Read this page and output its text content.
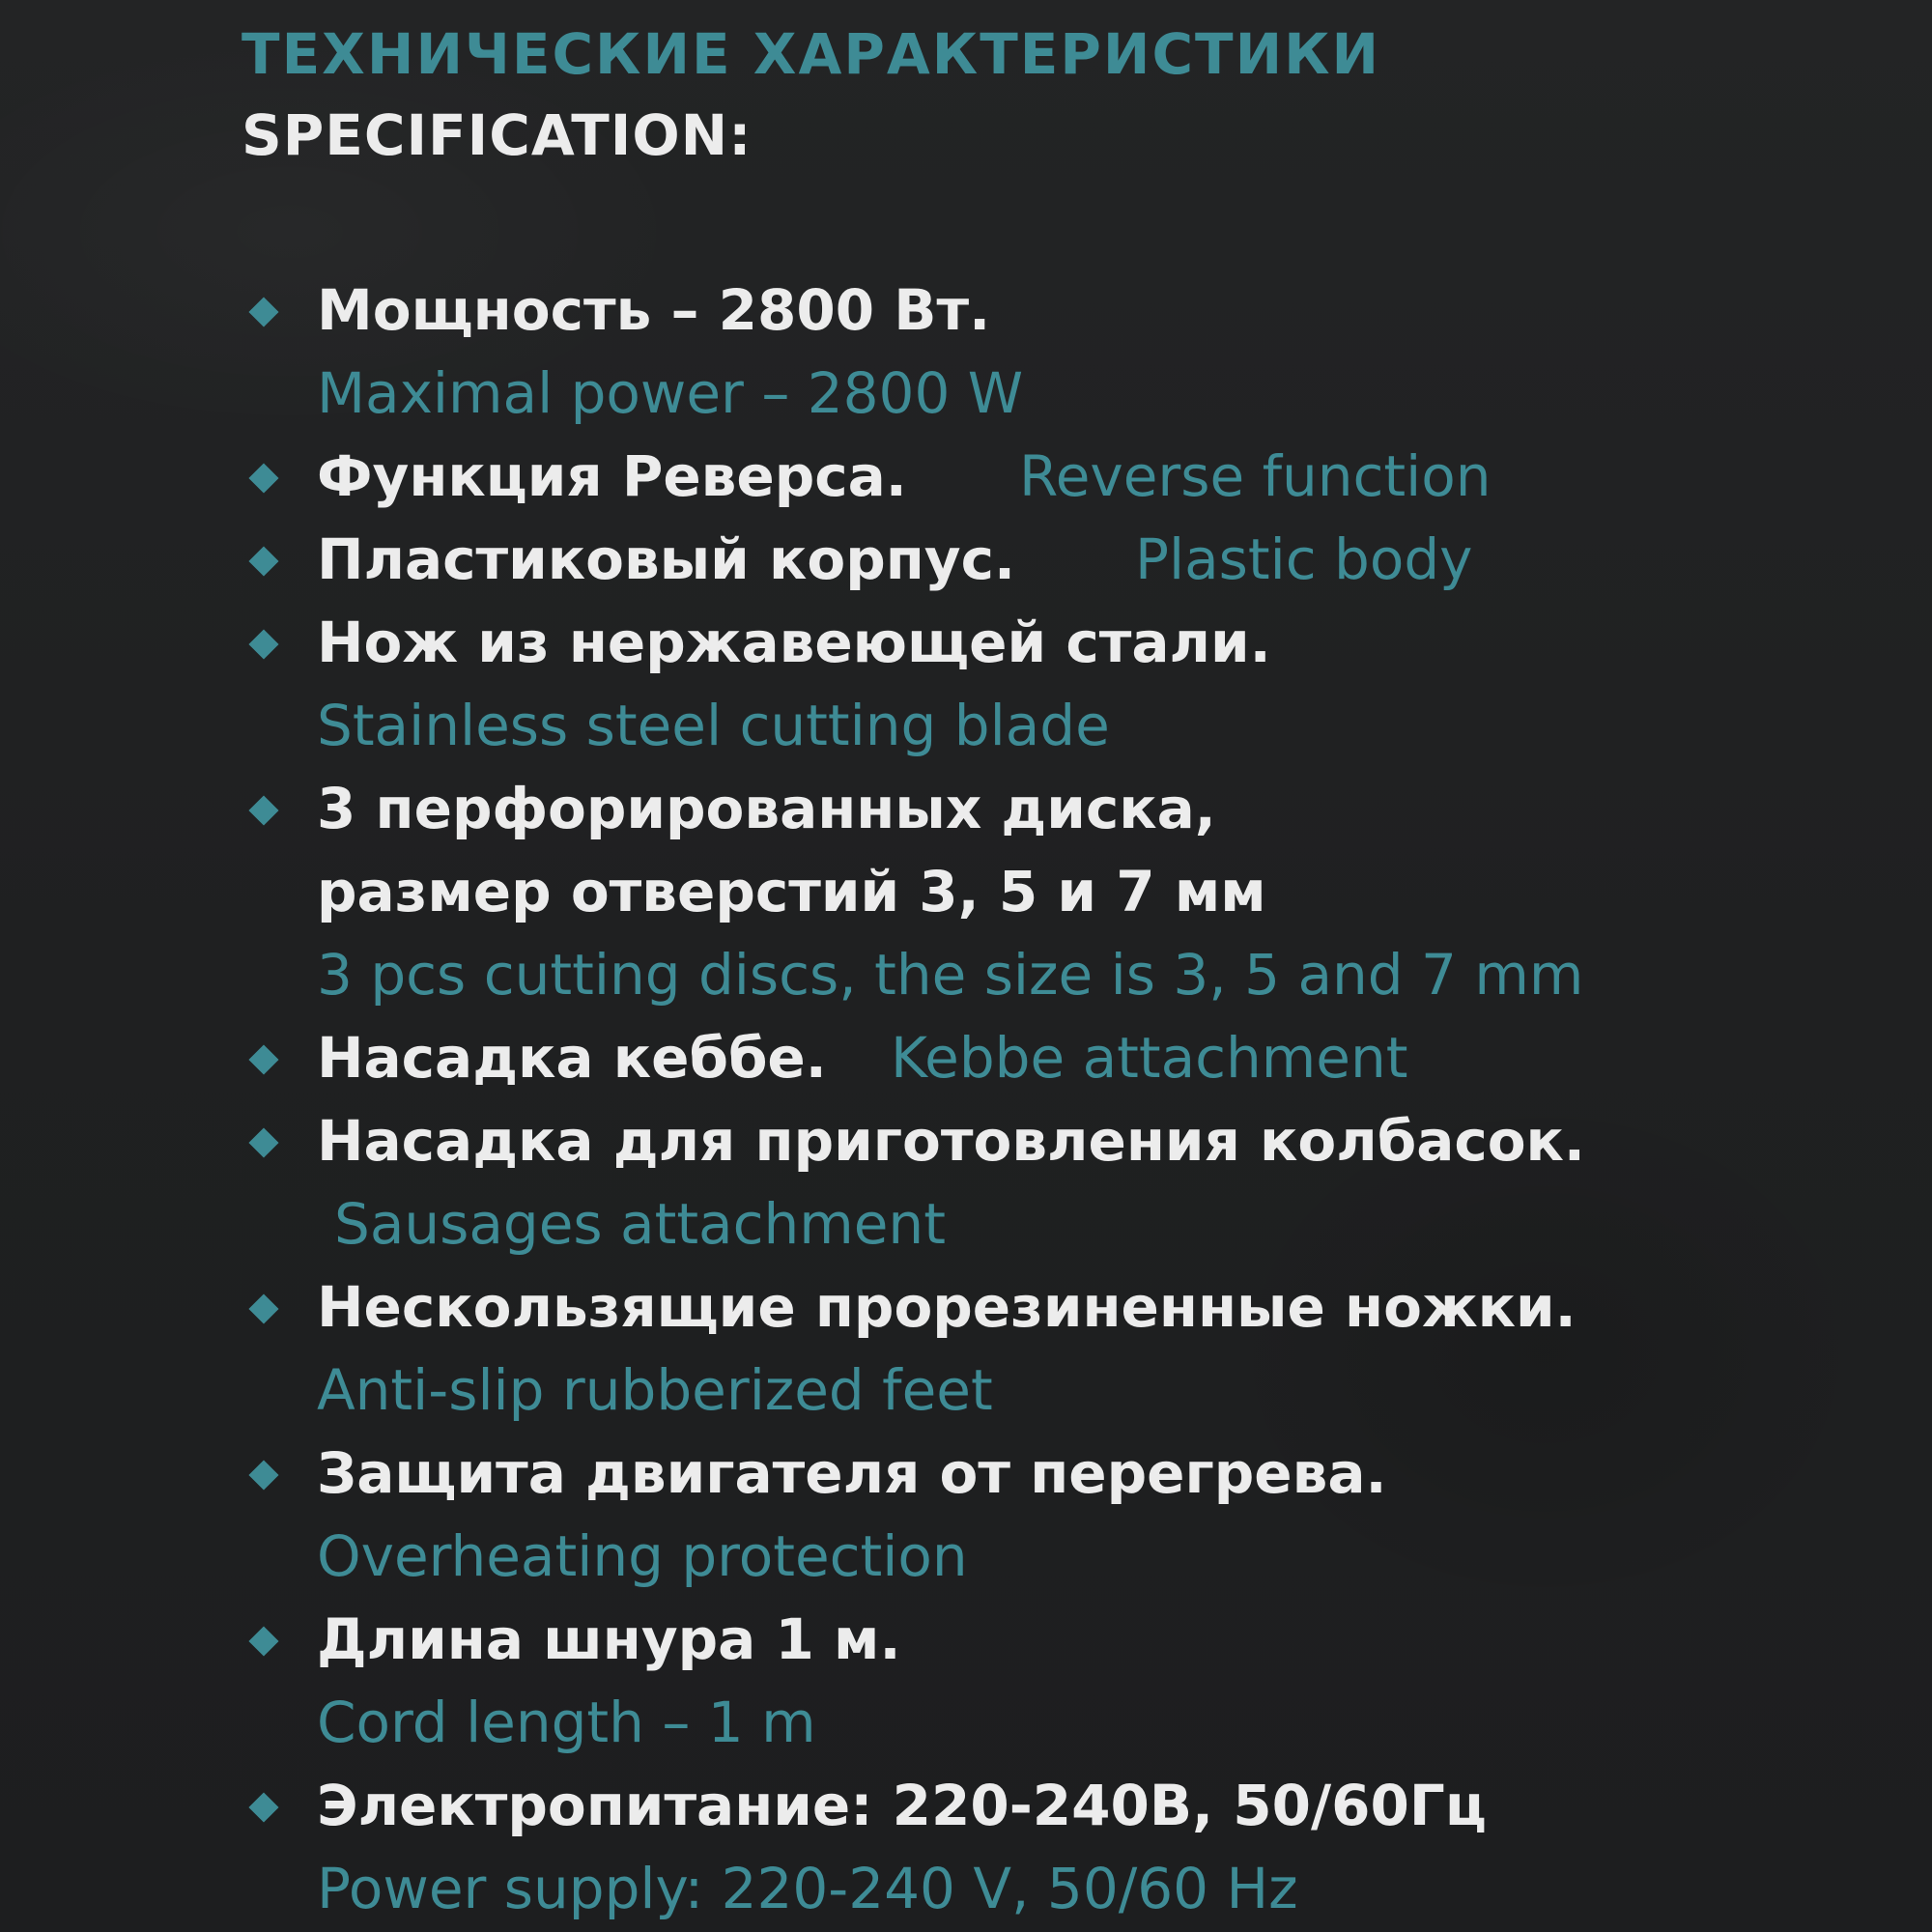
ТЕХНИЧЕСКИЕ ХАРАКТЕРИСТИКИ
SPECIFICATION:
Мощность – 2800 Вт.
Maximal power – 2800 W
Функция Реверса. Reverse function
Пластиковый корпус. Plastic body
Нож из нержавеющей стали.
Stainless steel cutting blade
3 перфорированных диска,
размер отверстий 3, 5 и 7 мм
3 pcs cutting discs, the size is 3, 5 and 7 mm
Насадка кеббе. Kebbe attachment
Насадка для приготовления колбасок.
Sausages attachment
Нескользящие прорезиненные ножки.
Anti-slip rubberized feet
Защита двигателя от перегрева.
Overheating protection
Длина шнура 1 м.
Cord length – 1 m
Электропитание: 220-240В, 50/60Гц
Power supply: 220-240 V, 50/60 Hz
